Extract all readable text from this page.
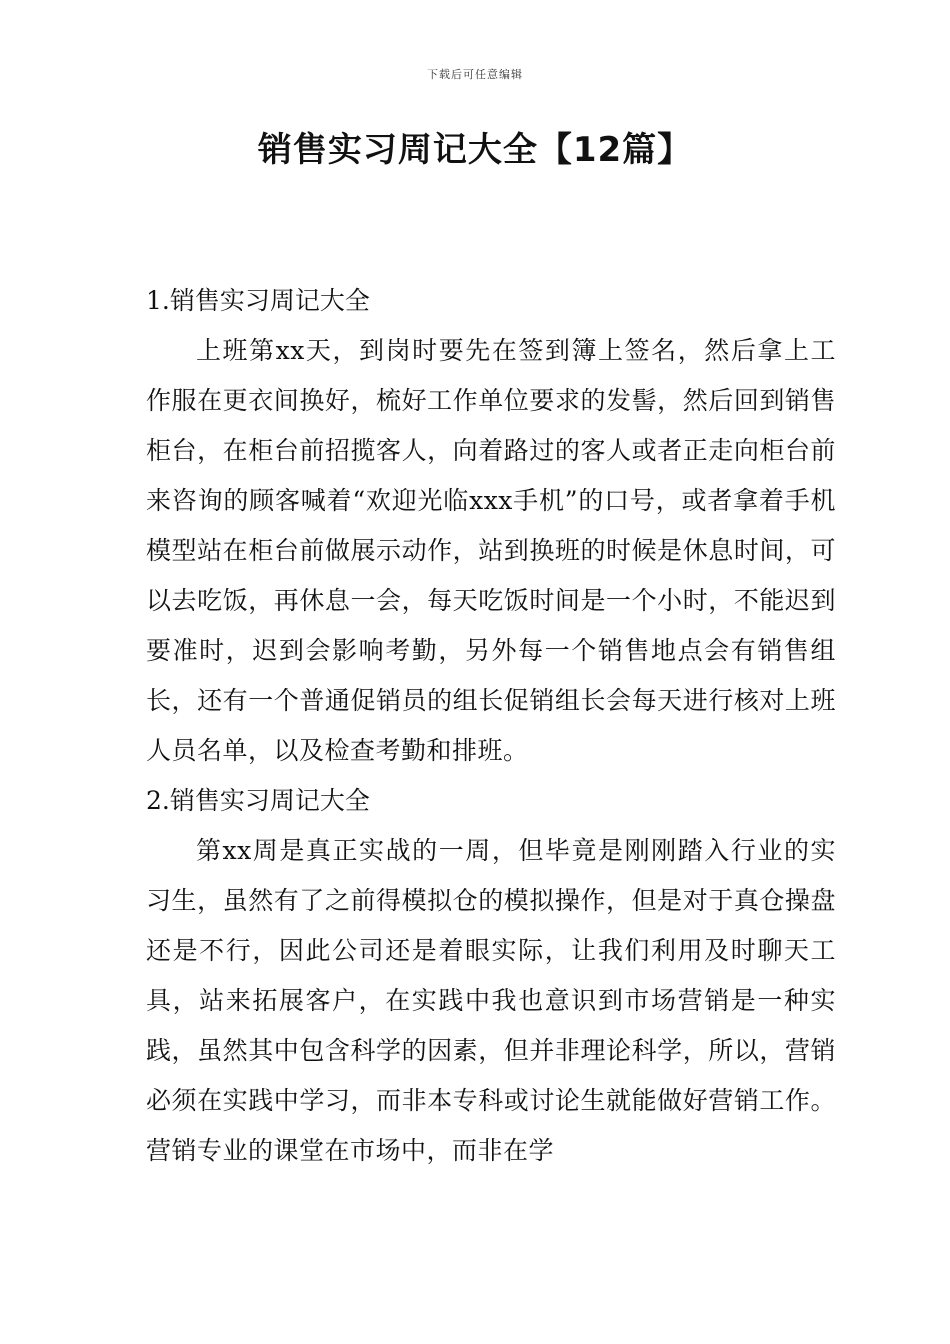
下载后可任意编辑
销售实习周记大全【12篇】

1.销售实习周记大全

上班第xx天，到岗时要先在签到簿上签名，然后拿上工作服在更衣间换好，梳好工作单位要求的发髻，然后回到销售柜台，在柜台前招揽客人，向着路过的客人或者正走向柜台前来咨询的顾客喊着“欢迎光临xxx手机”的口号，或者拿着手机模型站在柜台前做展示动作，站到换班的时候是休息时间，可以去吃饭，再休息一会，每天吃饭时间是一个小时，不能迟到要准时，迟到会影响考勤，另外每一个销售地点会有销售组长，还有一个普通促销员的组长促销组长会每天进行核对上班人员名单，以及检查考勤和排班。

2.销售实习周记大全

第xx周是真正实战的一周，但毕竟是刚刚踏入行业的实习生，虽然有了之前得模拟仓的模拟操作，但是对于真仓操盘还是不行，因此公司还是着眼实际，让我们利用及时聊天工具，站来拓展客户，在实践中我也意识到市场营销是一种实践，虽然其中包含科学的因素，但并非理论科学，所以，营销必须在实践中学习，而非本专科或讨论生就能做好营销工作。营销专业的课堂在市场中，而非在学
